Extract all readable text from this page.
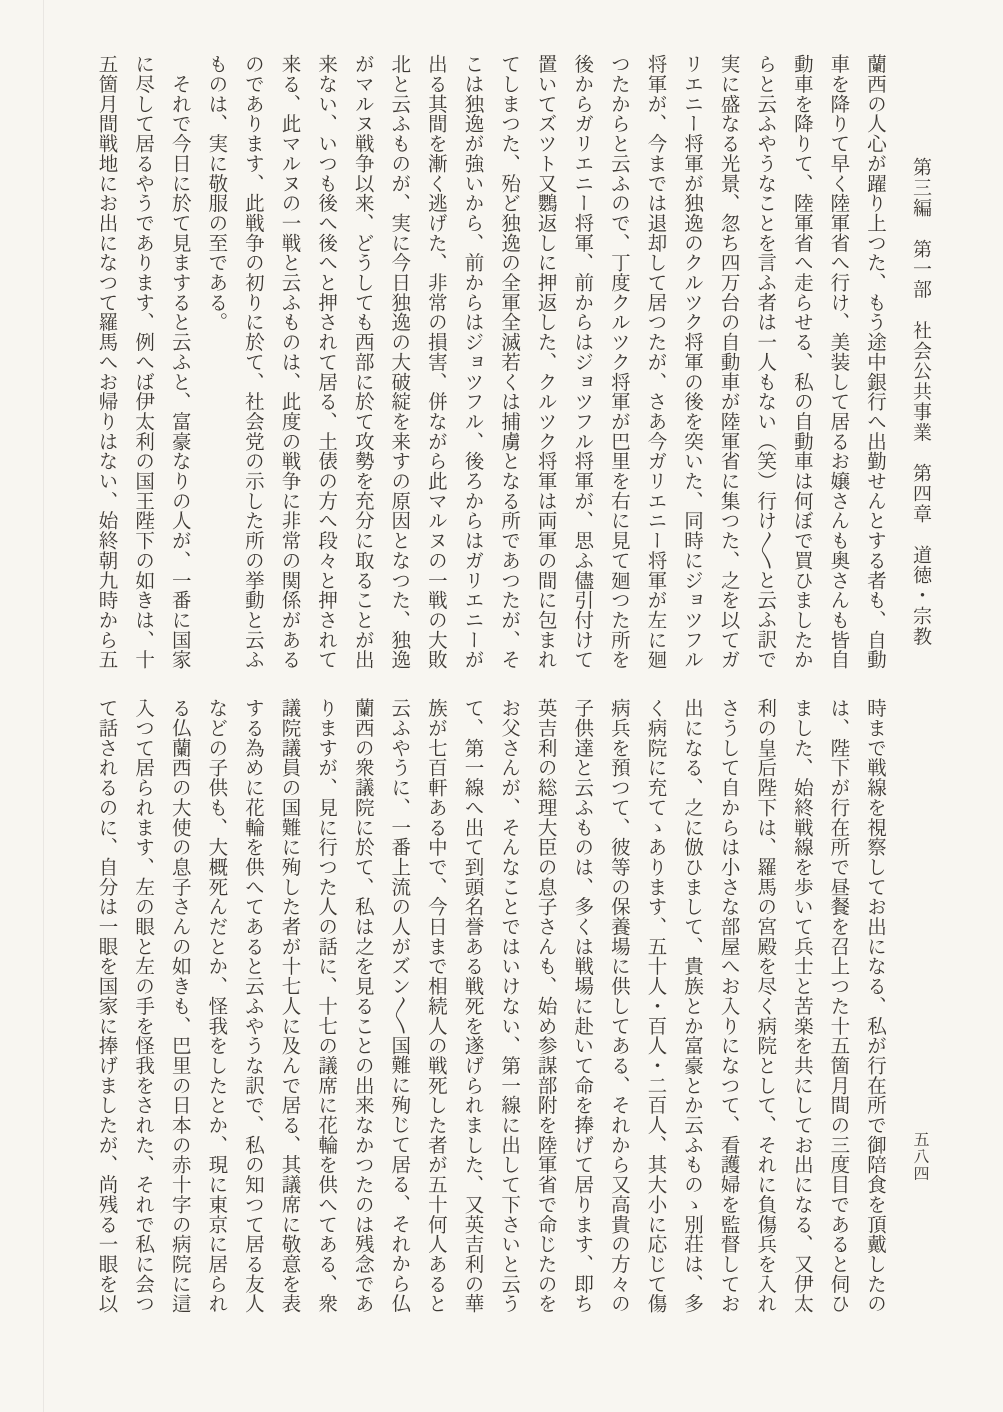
第三編　第一部　社会公共事業　第四章　道徳・宗教
蘭西の人心が躍り上つた、もう途中銀行へ出勤せんとする者も、自動
車を降りて早く陸軍省へ行け、美装して居るお嬢さんも奥さんも皆自
動車を降りて、陸軍省へ走らせる、私の自動車は何ぼで買ひましたか
らと云ふやうなことを言ふ者は一人もない（笑）行け〱と云ふ訳で
実に盛なる光景、忽ち四万台の自動車が陸軍省に集つた、之を以てガ
リエニー将軍が独逸のクルツク将軍の後を突いた、同時にジョツフル
将軍が、今までは退却して居つたが、さあ今ガリエニー将軍が左に廻
つたからと云ふので、丁度クルツク将軍が巴里を右に見て廻つた所を
後からガリエニー将軍、前からはジョツフル将軍が、思ふ儘引付けて
置いてズツト又鸚返しに押返した、クルツク将軍は両軍の間に包まれ
てしまつた、殆ど独逸の全軍全滅若くは捕虜となる所であつたが、そ
こは独逸が強いから、前からはジョツフル、後ろからはガリエニーが
出る其間を漸く逃げた、非常の損害、併ながら此マルヌの一戦の大敗
北と云ふものが、実に今日独逸の大破綻を来すの原因となつた、独逸
がマルヌ戦争以来、どうしても西部に於て攻勢を充分に取ることが出
来ない、いつも後へ後へと押されて居る、土俵の方へ段々と押されて
来る、此マルヌの一戦と云ふものは、此度の戦争に非常の関係がある
のであります、此戦争の初りに於て、社会党の示した所の挙動と云ふ
ものは、実に敬服の至である。
　それで今日に於て見ますると云ふと、富豪なりの人が、一番に国家
に尽して居るやうであります、例へば伊太利の国王陛下の如きは、十
五箇月間戦地にお出になつて羅馬へお帰りはない、始終朝九時から五
時まで戦線を視察してお出になる、私が行在所で御陪食を頂戴したの
は、陛下が行在所で昼餐を召上つた十五箇月間の三度目であると伺ひ
ました、始終戦線を歩いて兵士と苦楽を共にしてお出になる、又伊太
利の皇后陛下は、羅馬の宮殿を尽く病院として、それに負傷兵を入れ
さうして自からは小さな部屋へお入りになつて、看護婦を監督してお
出になる、之に倣ひまして、貴族とか富豪とか云ふものゝ別荘は、多
く病院に充てゝあります、五十人・百人・二百人、其大小に応じて傷
病兵を預つて、彼等の保養場に供してある、それから又高貴の方々の
子供達と云ふものは、多くは戦場に赴いて命を捧げて居ります、即ち
英吉利の総理大臣の息子さんも、始め参謀部附を陸軍省で命じたのを
お父さんが、そんなことではいけない、第一線に出して下さいと云う
て、第一線へ出て到頭名誉ある戦死を遂げられました、又英吉利の華
族が七百軒ある中で、今日まで相続人の戦死した者が五十何人あると
云ふやうに、一番上流の人がズン〱国難に殉じて居る、それから仏
蘭西の衆議院に於て、私は之を見ることの出来なかつたのは残念であ
りますが、見に行つた人の話に、十七の議席に花輪を供へてある、衆
議院議員の国難に殉した者が十七人に及んで居る、其議席に敬意を表
する為めに花輪を供へてあると云ふやうな訳で、私の知つて居る友人
などの子供も、大概死んだとか、怪我をしたとか、現に東京に居られ
る仏蘭西の大使の息子さんの如きも、巴里の日本の赤十字の病院に這
入つて居られます、左の眼と左の手を怪我をされた、それで私に会つ
て話されるのに、自分は一眼を国家に捧げましたが、尚残る一眼を以	五八四
